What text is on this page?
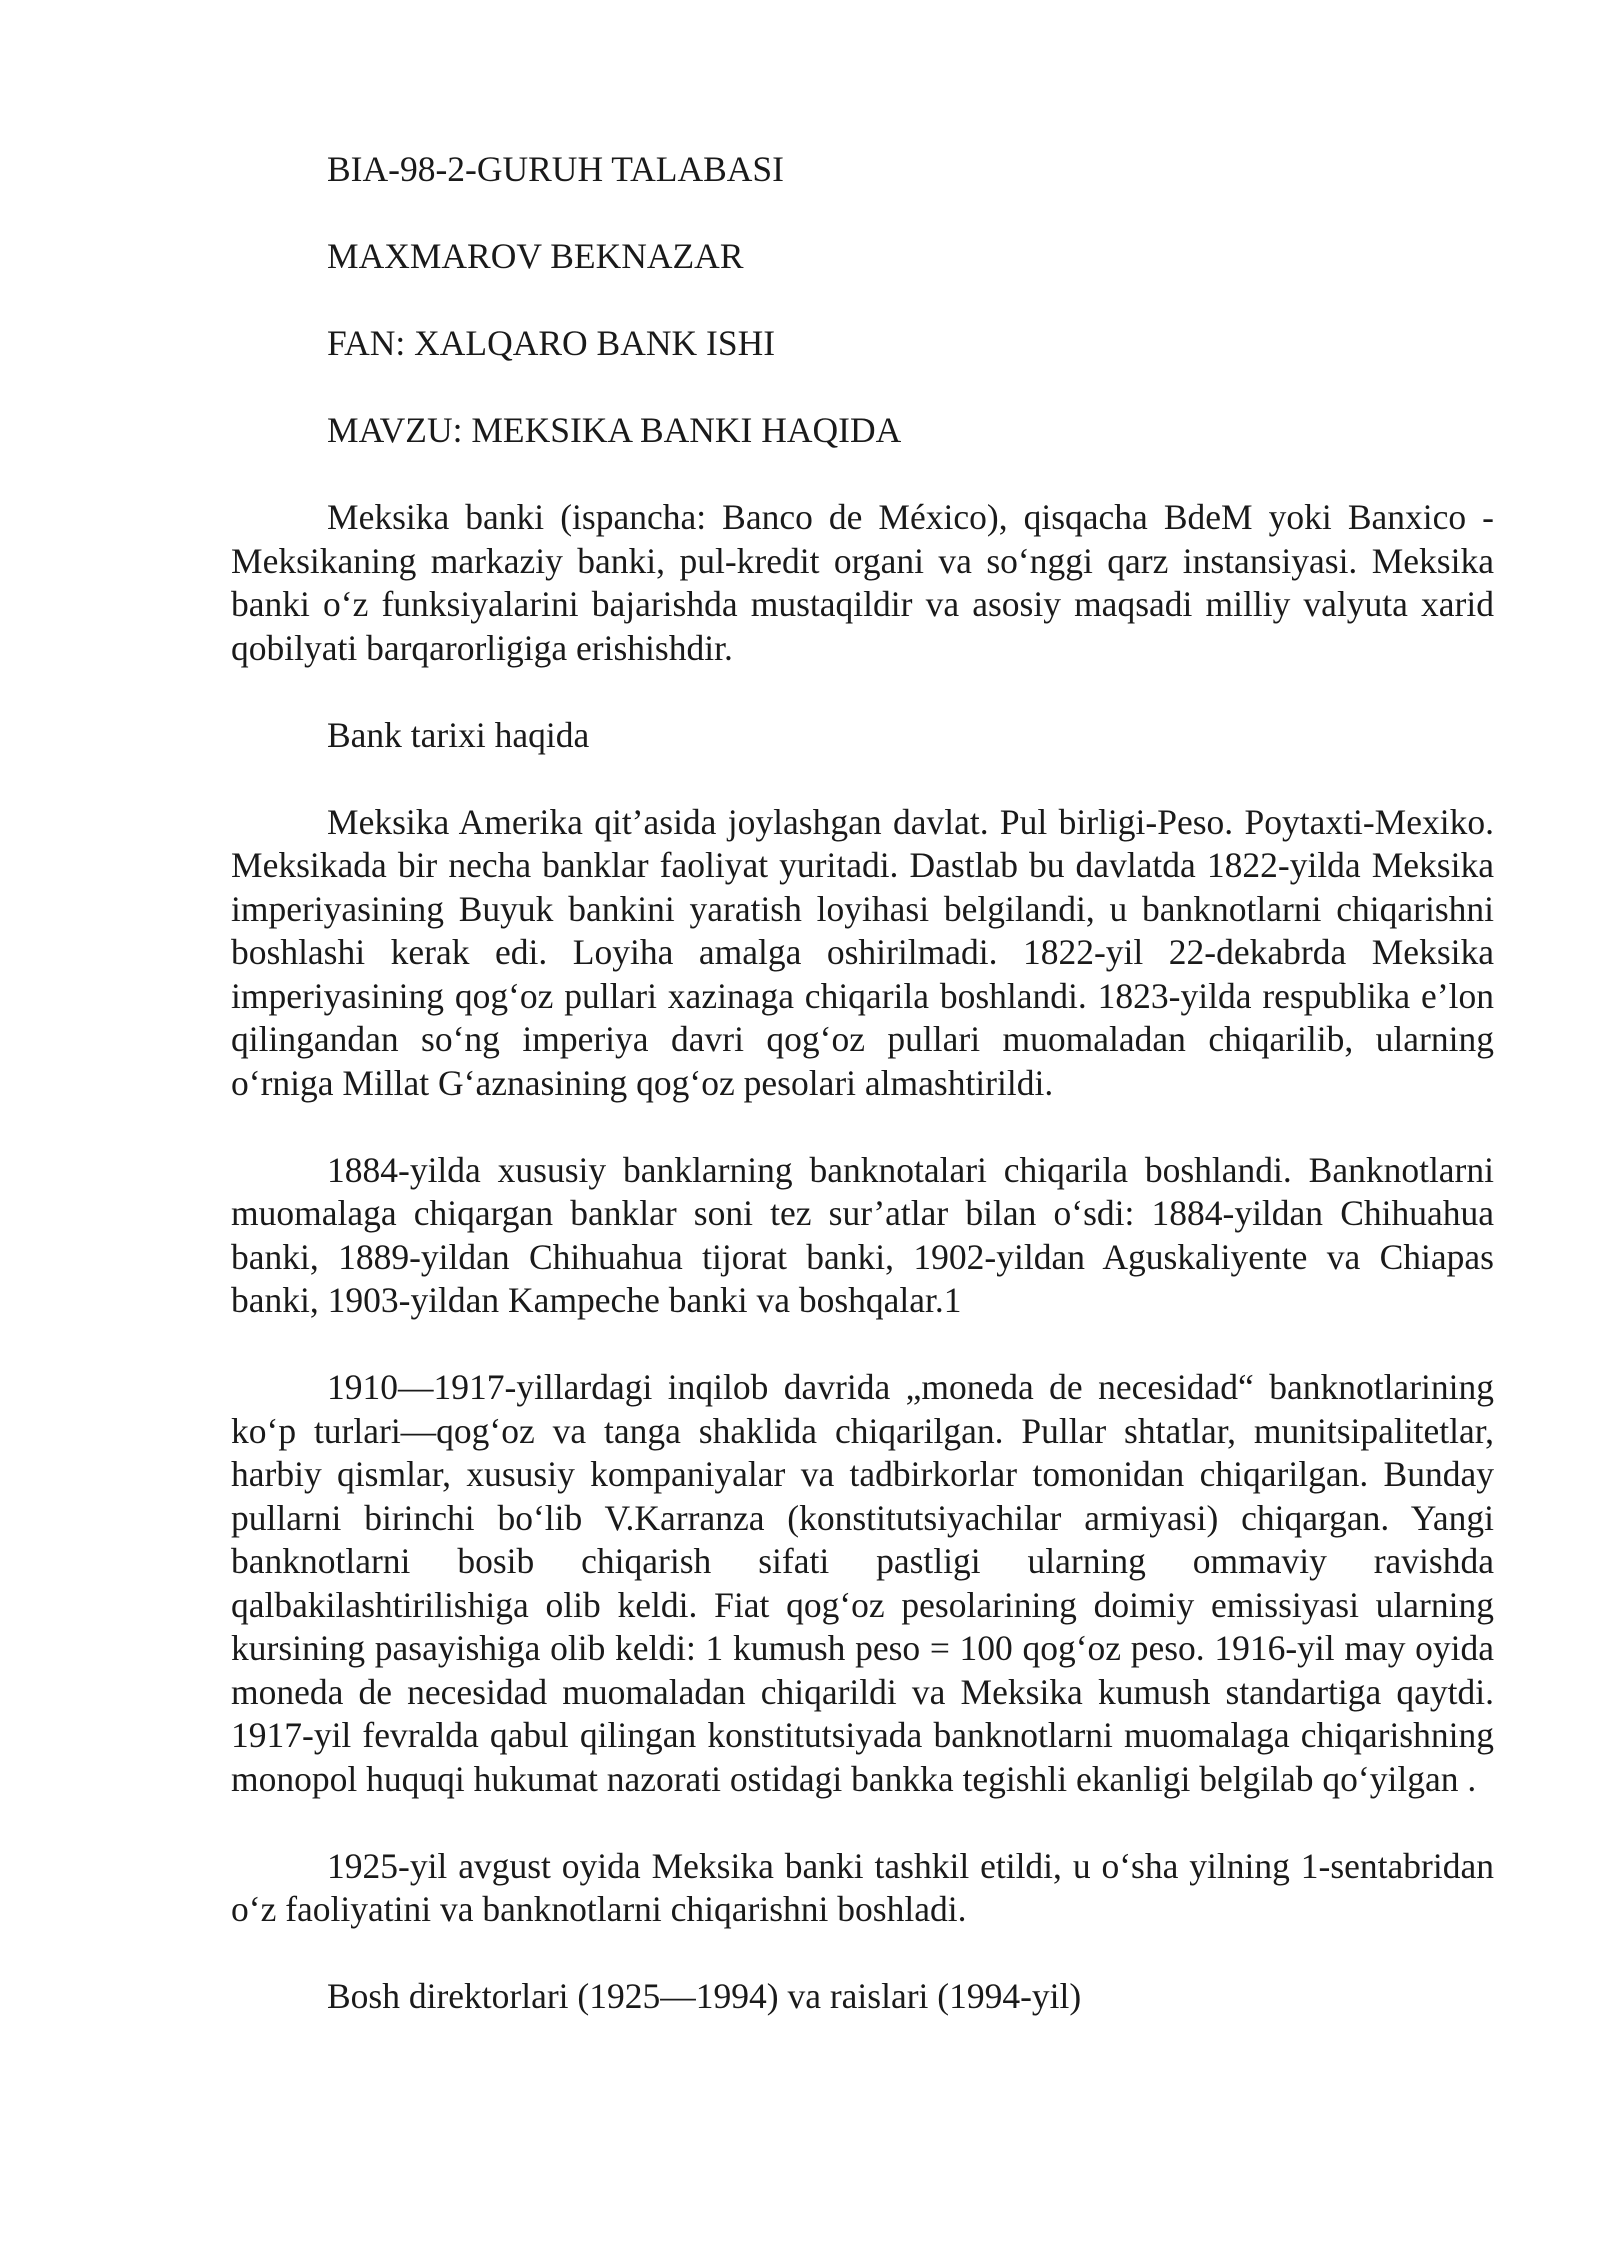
BIA-98-2-GURUH TALABASI
MAXMAROV BEKNAZAR
FAN: XALQARO BANK ISHI
MAVZU: MEKSIKA BANKI HAQIDA

Meksika banki (ispancha: Banco de México), qisqacha BdeM yoki Banxico - Meksikaning markaziy banki, pul-kredit organi va so‘nggi qarz instansiyasi. Meksika banki o‘z funksiyalarini bajarishda mustaqildir va asosiy maqsadi milliy valyuta xarid qobilyati barqarorligiga erishishdir.

Bank tarixi haqida

Meksika Amerika qit’asida joylashgan davlat. Pul birligi-Peso. Poytaxti-Mexiko. Meksikada bir necha banklar faoliyat yuritadi. Dastlab bu davlatda 1822-yilda Meksika imperiyasining Buyuk bankini yaratish loyihasi belgilandi, u banknotlarni chiqarishni boshlashi kerak edi. Loyiha amalga oshirilmadi. 1822-yil 22-dekabrda Meksika imperiyasining qog‘oz pullari xazinaga chiqarila boshlandi. 1823-yilda respublika e’lon qilingandan so‘ng imperiya davri qog‘oz pullari muomaladan chiqarilib, ularning o‘rniga Millat G‘aznasining qog‘oz pesolari almashtirildi.

1884-yilda xususiy banklarning banknotalari chiqarila boshlandi. Banknotlarni muomalaga chiqargan banklar soni tez sur’atlar bilan o‘sdi: 1884-yildan Chihuahua banki, 1889-yildan Chihuahua tijorat banki, 1902-yildan Aguskaliyente va Chiapas banki, 1903-yildan Kampeche banki va boshqalar.1

1910—1917-yillardagi inqilob davrida „moneda de necesidad“ banknotlarining ko‘p turlari—qog‘oz va tanga shaklida chiqarilgan. Pullar shtatlar, munitsipalitetlar, harbiy qismlar, xususiy kompaniyalar va tadbirkorlar tomonidan chiqarilgan. Bunday pullarni birinchi bo‘lib V.Karranza (konstitutsiyachilar armiyasi) chiqargan. Yangi banknotlarni bosib chiqarish sifati pastligi ularning ommaviy ravishda qalbakilashtirilishiga olib keldi. Fiat qog‘oz pesolarining doimiy emissiyasi ularning kursining pasayishiga olib keldi: 1 kumush peso = 100 qog‘oz peso. 1916-yil may oyida moneda de necesidad muomaladan chiqarildi va Meksika kumush standartiga qaytdi. 1917-yil fevralda qabul qilingan konstitutsiyada banknotlarni muomalaga chiqarishning monopol huquqi hukumat nazorati ostidagi bankka tegishli ekanligi belgilab qo‘yilgan .

1925-yil avgust oyida Meksika banki tashkil etildi, u o‘sha yilning 1-sentabridan o‘z faoliyatini va banknotlarni chiqarishni boshladi.

Bosh direktorlari (1925—1994) va raislari (1994-yil)
